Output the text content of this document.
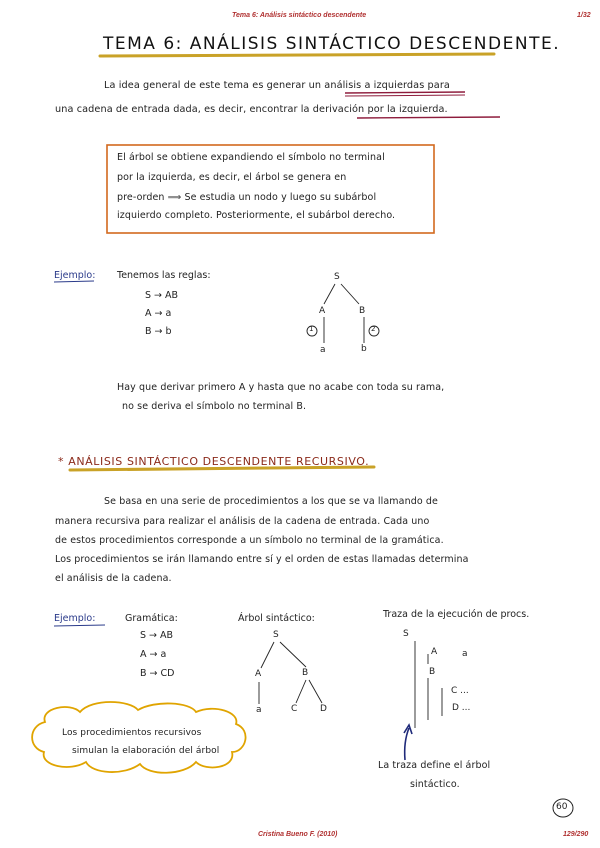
Tema 6: Análisis sintáctico descendente	1/32
TEMA 6: ANÁLISIS SINTÁCTICO DESCENDENTE.
La idea general de este tema es generar un análisis a izquierdas para
una cadena de entrada dada, es decir, encontrar la derivación por la izquierda.
El árbol se obtiene expandiendo el símbolo no terminal
por la izquierda, es decir, el árbol se genera en
pre-orden ⟹ Se estudia un nodo y luego su subárbol
izquierdo completo. Posteriormente, el subárbol derecho.
Ejemplo: Tenemos las reglas:
S → AB
A → a
B → b
S
A	B
a	b
1	2
Hay que derivar primero A y hasta que no acabe con toda su rama,
no se deriva el símbolo no terminal B.
* ANÁLISIS SINTÁCTICO DESCENDENTE RECURSIVO.
Se basa en una serie de procedimientos a los que se va llamando de
manera recursiva para realizar el análisis de la cadena de entrada. Cada uno
de estos procedimientos corresponde a un símbolo no terminal de la gramática.
Los procedimientos se irán llamando entre sí y el orden de estas llamadas determina
el análisis de la cadena.
Ejemplo:	Gramática:
S → AB
A → a
B → CD
Árbol sintáctico:
S
A	B
a	C	D
Traza de la ejecución de procs.
S
A	a
B
C ...
D ...
Los procedimientos recursivos
simulan la elaboración del árbol
La traza define el árbol
sintáctico.
60
Cristina Bueno F. (2010)	129/290
